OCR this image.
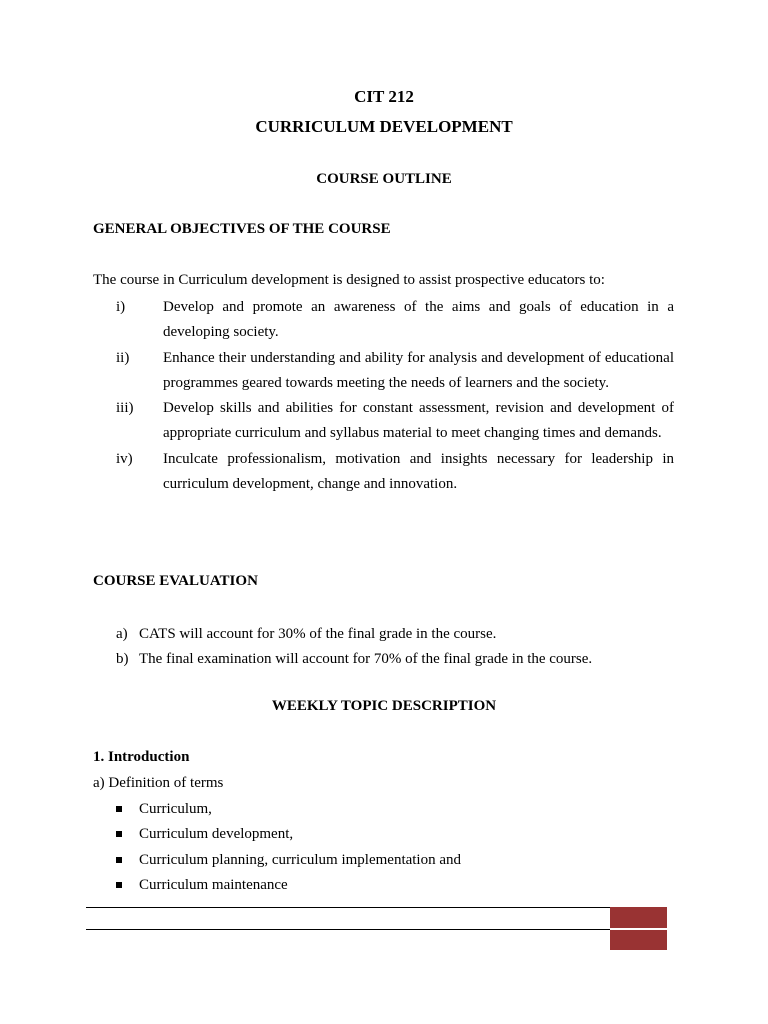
CIT 212
CURRICULUM DEVELOPMENT
COURSE OUTLINE
GENERAL OBJECTIVES OF THE COURSE
The course in Curriculum development is designed to assist prospective educators to:
i)	Develop and promote an awareness of the aims and goals of education in a developing society.
ii) Enhance their understanding and ability for analysis and development of educational programmes geared towards meeting the needs of learners and the society.
iii) Develop skills and abilities for constant assessment, revision and development of appropriate curriculum and syllabus material to meet changing times and demands.
iv) Inculcate professionalism, motivation and insights necessary for leadership in curriculum development, change and innovation.
COURSE EVALUATION
a) CATS will account for 30% of the final grade in the course.
b) The final examination will account for 70% of the final grade in the course.
WEEKLY TOPIC DESCRIPTION
1. Introduction
a) Definition of terms
Curriculum,
Curriculum development,
Curriculum planning, curriculum implementation and
Curriculum maintenance
